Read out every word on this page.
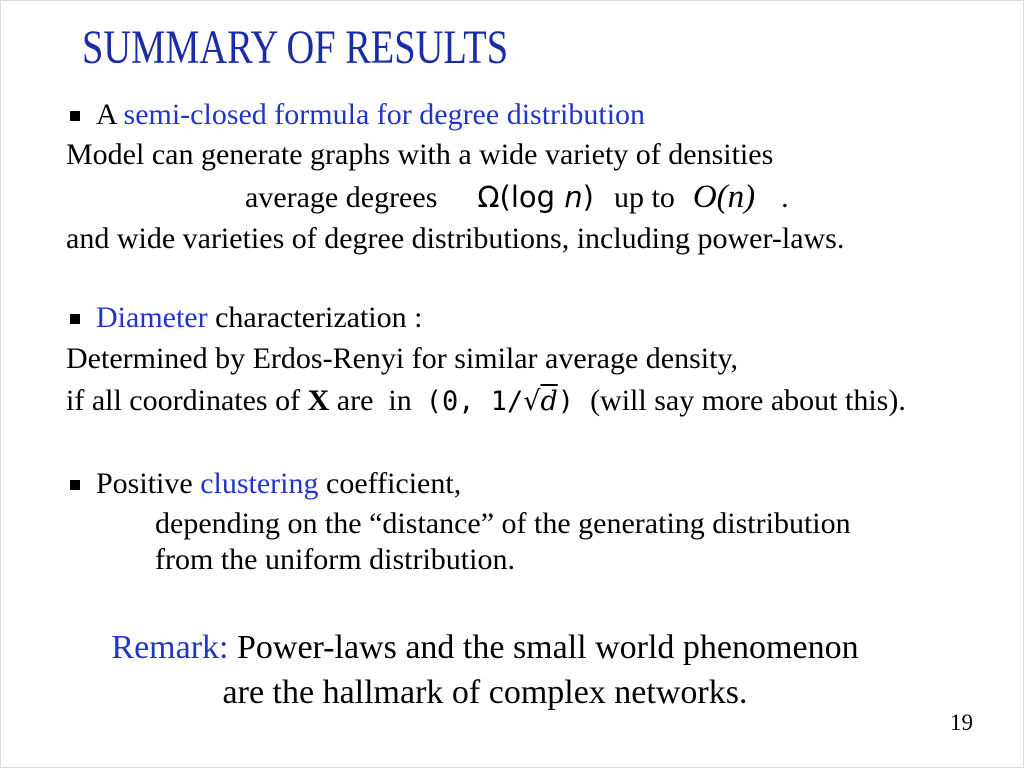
SUMMARY OF RESULTS
A semi-closed formula for degree distribution
Model can generate graphs with a wide variety of densities
average degrees Ω(log n) up to O(n) .
and wide varieties of degree distributions, including power-laws.
Diameter characterization :
Determined by Erdos-Renyi for similar average density,
if all coordinates of X are  in (0, 1/√d) (will say more about this).
Positive clustering coefficient,
depending on the “distance” of the generating distribution
from the uniform distribution.
Remark: Power-laws and the small world phenomenon
are the hallmark of complex networks.
19
